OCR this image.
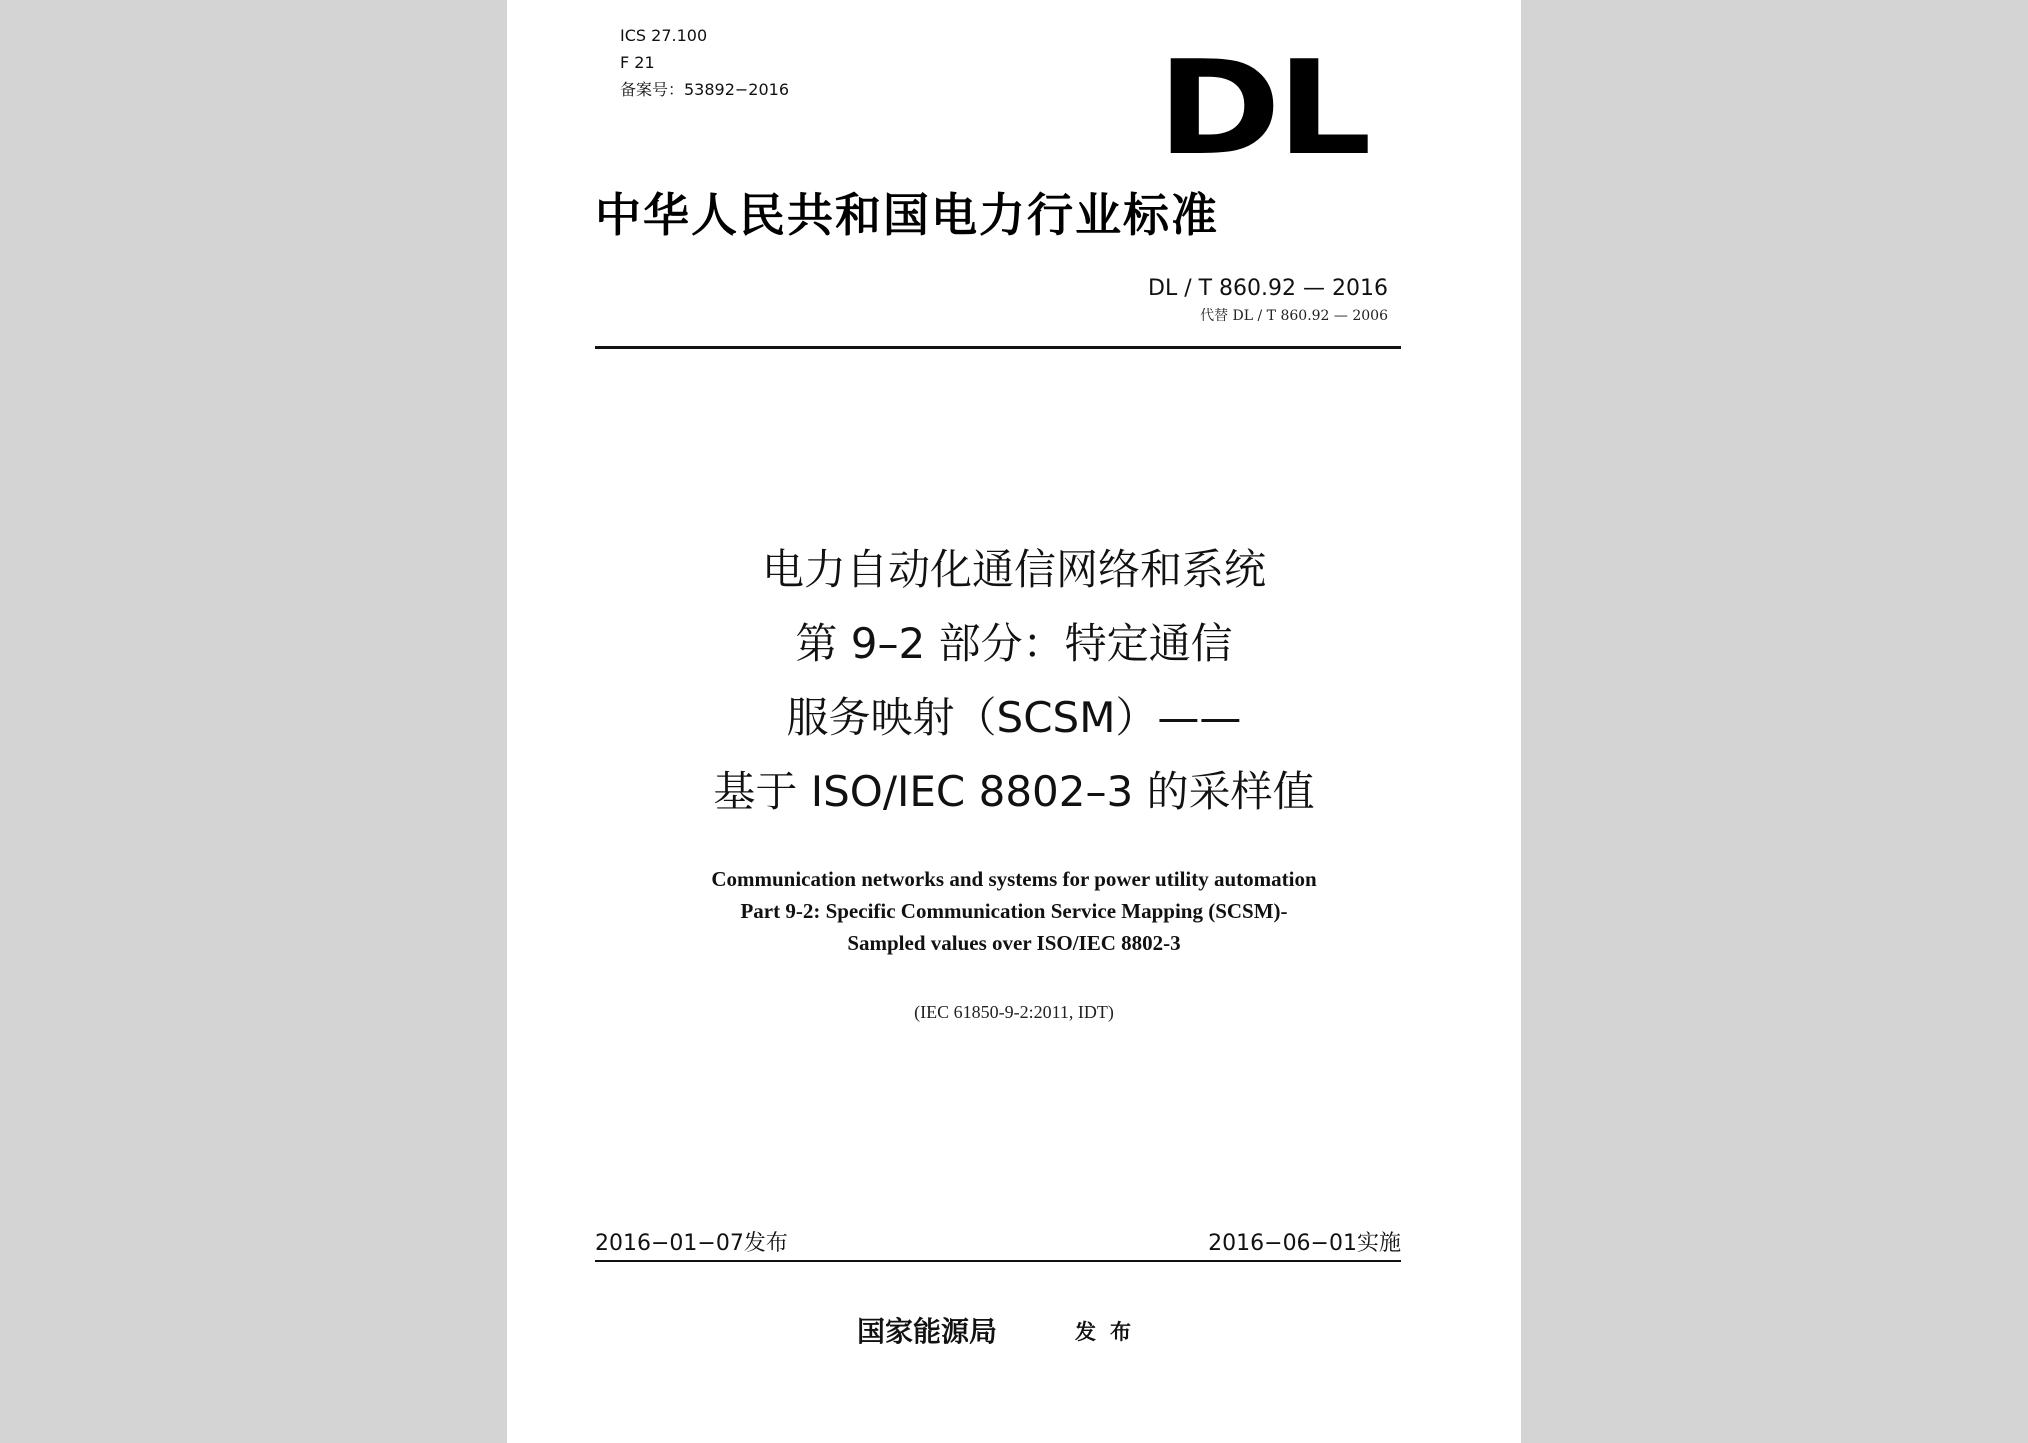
ICS 27.100
F 21
备案号：53892−2016	DL
中华人民共和国电力行业标准
DL / T 860.92 — 2016
代替 DL / T 860.92 — 2006
电力自动化通信网络和系统
第 9–2 部分：特定通信
服务映射（SCSM）——
基于 ISO/IEC 8802–3 的采样值
Communication networks and systems for power utility automation
Part 9-2: Specific Communication Service Mapping (SCSM)-
Sampled values over ISO/IEC 8802-3
(IEC 61850-9-2:2011, IDT)
2016−01−07发布	2016−06−01实施
国家能源局	发布
